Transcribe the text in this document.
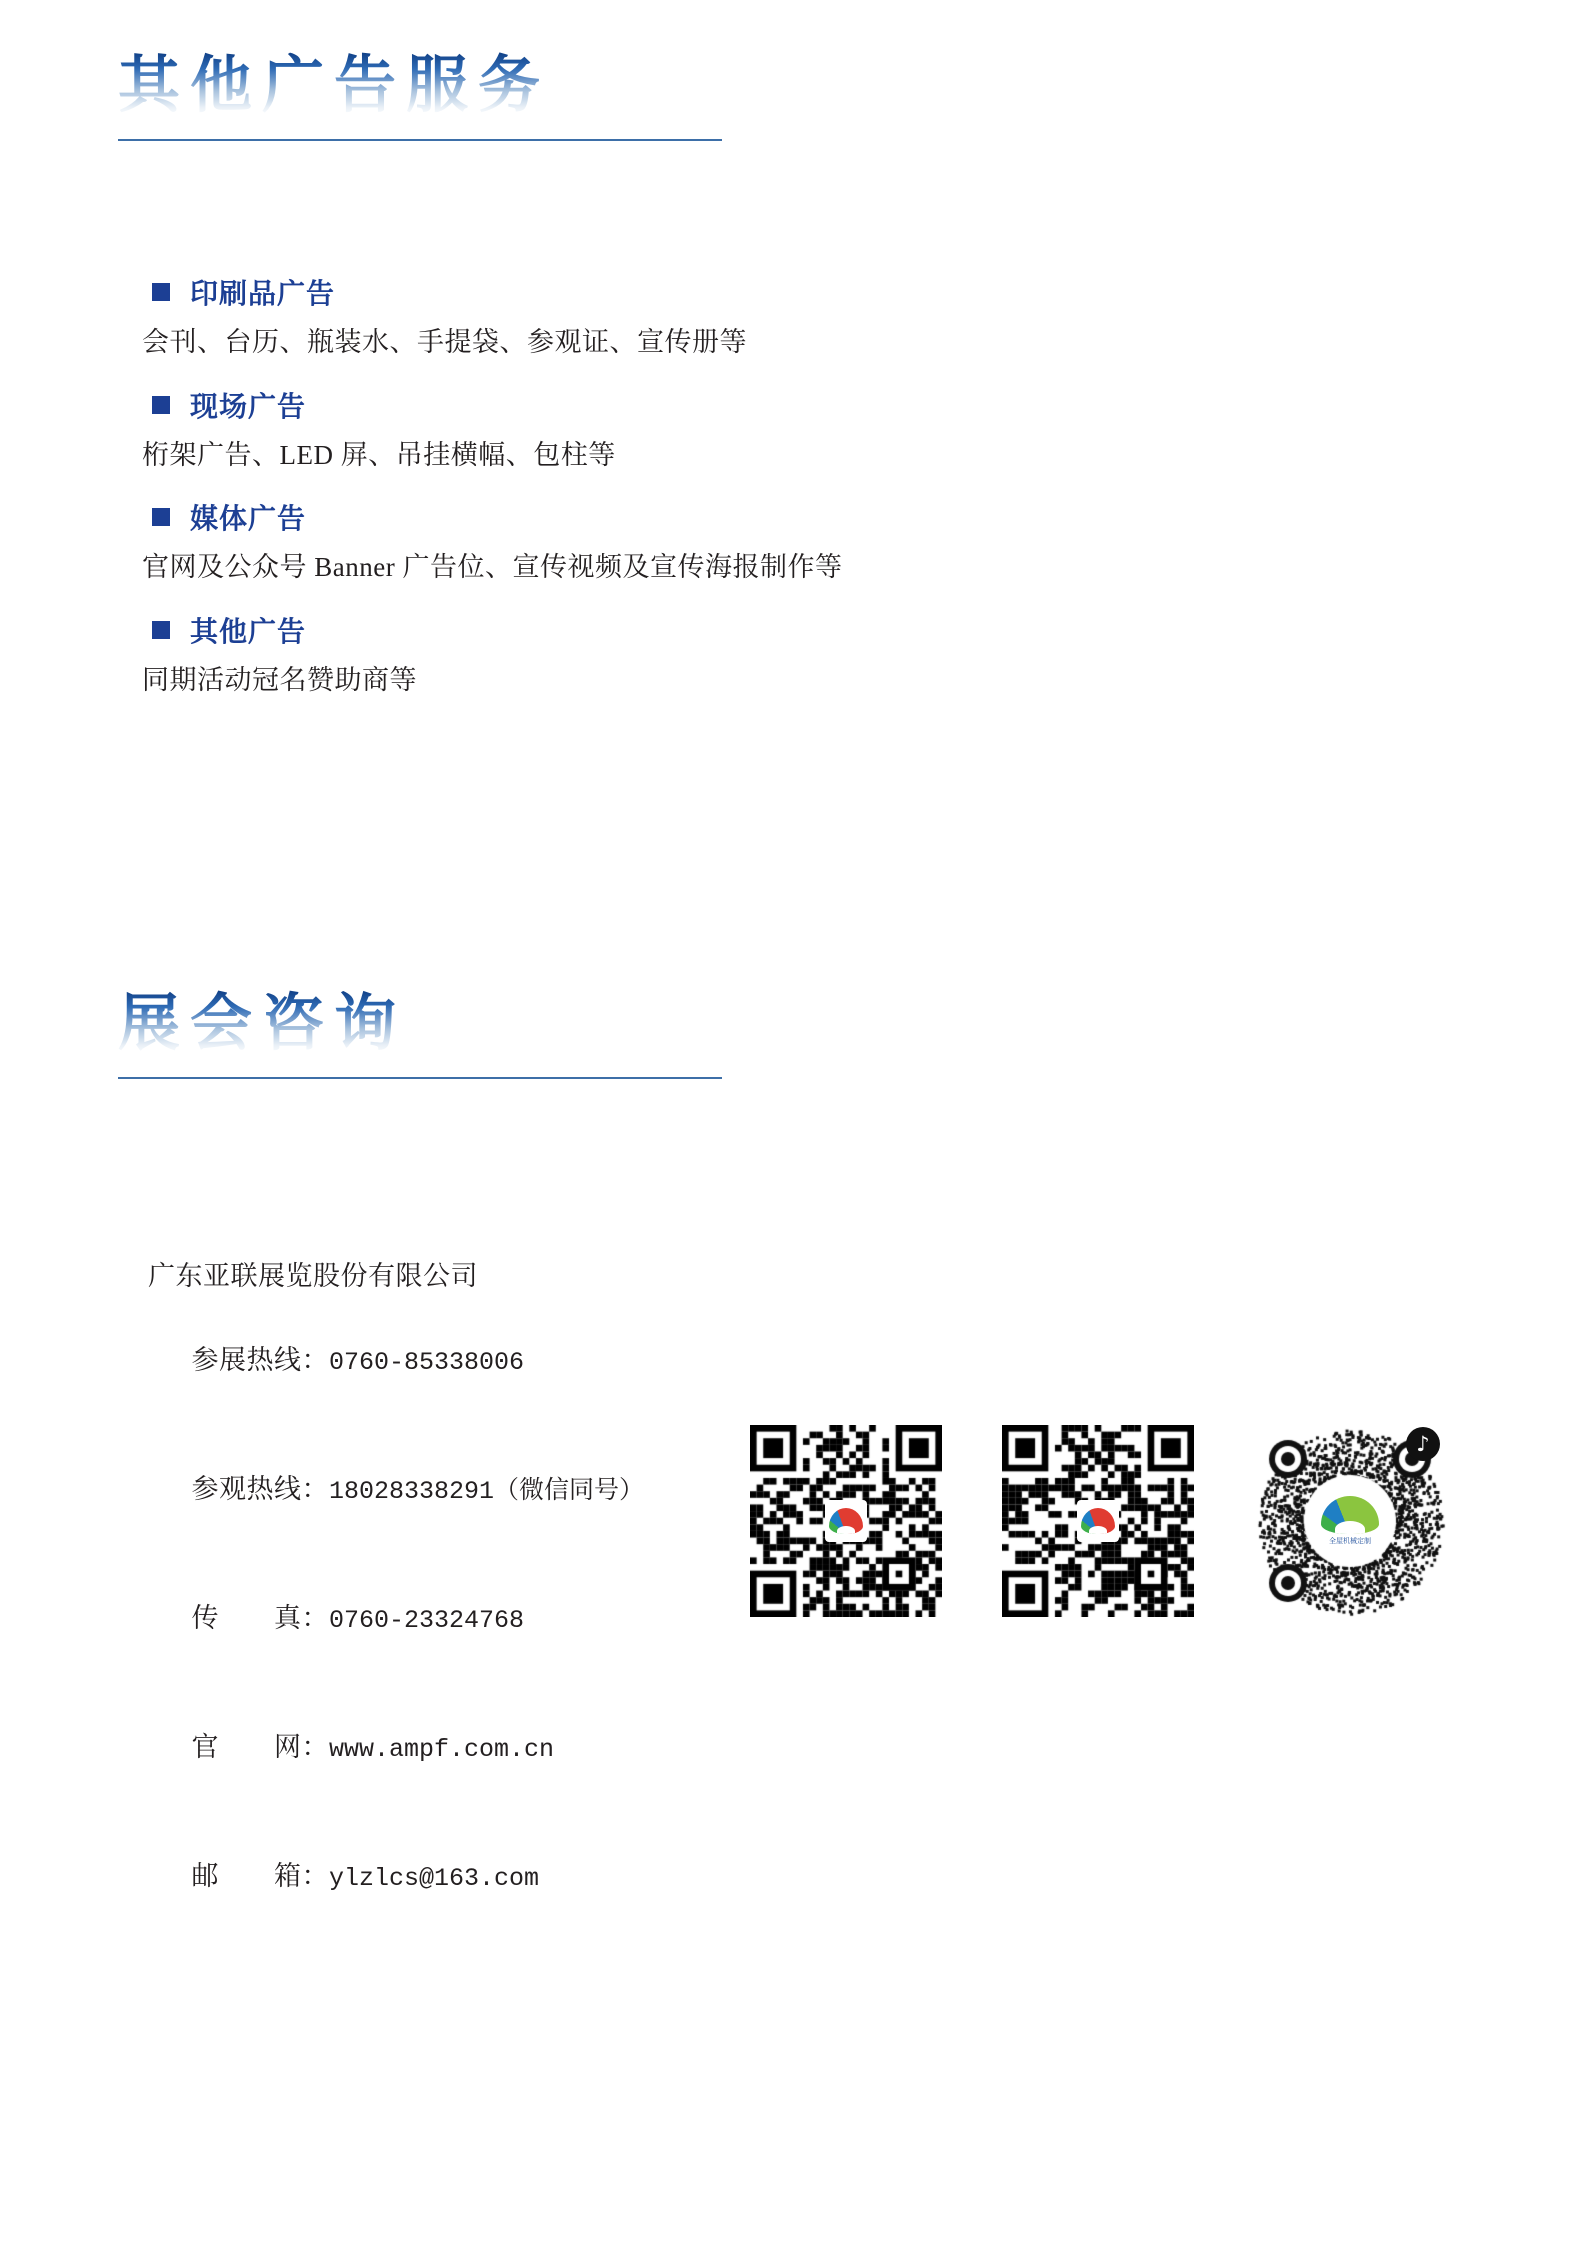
其他广告服务
印刷品广告
会刊、台历、瓶装水、手提袋、参观证、宣传册等
现场广告
桁架广告、LED 屏、吊挂横幅、包柱等
媒体广告
官网及公众号 Banner 广告位、宣传视频及宣传海报制作等
其他广告
同期活动冠名赞助商等
展会咨询
广东亚联展览股份有限公司

参展热线：0760-85338006

参观热线：18028338291（微信同号）

传　　真：0760-23324768

官　　网：www.ampf.com.cn

邮　　箱：ylzlcs@163.com

♪
全屋机械定制
